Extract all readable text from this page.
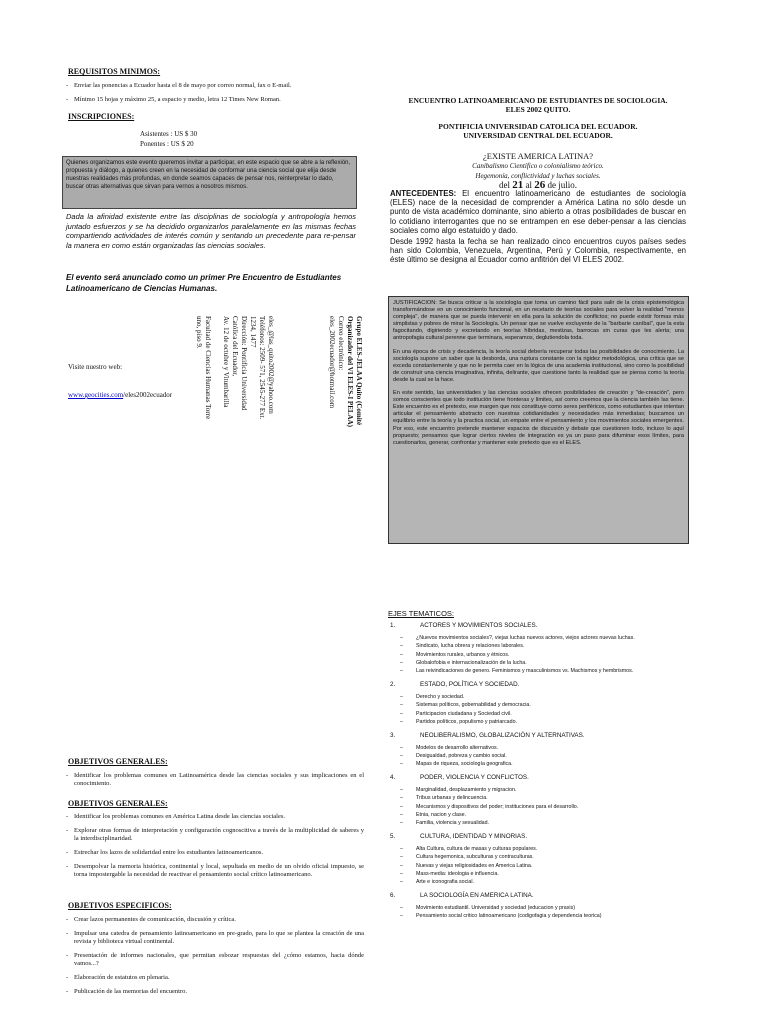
REQUISITOS MINIMOS:
- Enviar las ponencias a Ecuador hasta el 8 de mayo por correo normal, fax o E-mail.
- Mínimo 15 hojas y máximo 25, a espacio y medio, letra 12 Times New Roman.
INSCRIPCIONES:
Asistentes : US $ 30
Ponentes : US $ 20
Quienes organizamos este evento queremos invitar a participar, en este espacio que se abre a la reflexión, propuesta y diálogo, a quienes creen en la necesidad de conformar una ciencia social que elija desde nuestras realidades más profundas, en donde seamos capaces de pensar nos, reinterpretar lo dado, buscar otras alternativas que sirvan para vernos a nosotros mismos.
Dada la afinidad existente entre las disciplinas de sociología y antropología hemos juntado esfuerzos y se ha decidido organizarlos paralelamente en las mismas fechas compartiendo actividades de interés común y sentando un precedente para re-pensar la manera en como están organizadas las ciencias sociales.
El evento será anunciado como un primer Pre Encuentro de Estudiantes Latinoamericano de Ciencias Humanas.
Grupo ELES-JELAA Quito (Comité
Organizador del VI ELES-I PELAA)
Correo electrónico:
eles_2002ecuador@hotmail.com
eles_@las_quito2002@yahoo.com
Teléfonos: 2509- 571, 2545-277 Ext.
1234, 1477
Dirección: Pontificia Universidad
Católica del Ecuador,
Av. 12 de octubre y Vitumbarilla
Facultad de Ciencias Humanas Torre
uno, piso 9.
Visite nuestro web:
www.geocities.com/eles2002ecuador
OBJETIVOS GENERALES:
- Identificar los problemas comunes en Latinoamérica desde las ciencias sociales y sus implicaciones en el conocimiento.
OBJETIVOS GENERALES:
- Identificar los problemas comunes en América Latina desde las ciencias sociales.
- Explorar otras formas de interpretación y configuración cognoscitiva a través de la multiplicidad de saberes y la interdisciplinaridad.
- Estrechar los lazos de solidaridad entre los estudiantes latinoamericanos.
- Desempolvar la memoria histórica, continental y local, sepultada en medio de un olvido oficial impuesto, se torna impostergable la necesidad de reactivar el pensamiento social crítico latinoamericano.
OBJETIVOS ESPECIFICOS:
- Crear lazos permanentes de comunicación, discusión y crítica.
- Impulsar una catedra de pensamiento latinoamericano en pre-grado, para lo que se plantea la creación de una revista y biblioteca virtual continental.
- Presentación de informes nacionales, que permitan esbozar respuestas del ¿cómo estamos, hacia dónde vamos...?
- Elaboración de estatutos en plenaria.
- Publicación de las memorias del encuentro.
ENCUENTRO LATINOAMERICANO DE ESTUDIANTES DE SOCIOLOGIA.
ELES 2002 QUITO.
PONTIFICIA UNIVERSIDAD CATOLICA DEL ECUADOR.
UNIVERSIDAD CENTRAL DEL ECUADOR.
¿EXISTE AMERICA LATINA?
Canibalismo Científico o colonialismo teórico.
Hegemonía, conflictividad y luchas sociales.
del 21 al 26 de julio.

ANTECEDENTES: El encuentro latinoamericano de estudiantes de sociología (ELES) nace de la necesidad de comprender a América Latina no sólo desde un punto de vista académico dominante, sino abierto a otras posibilidades de buscar en lo cotidiano interrogantes que no se entrampen en ese deber-pensar a las ciencias sociales como algo estatuido y dado.

Desde 1992 hasta la fecha se han realizado cinco encuentros cuyos países sedes han sido Colombia, Venezuela, Argentina, Perú y Colombia, respectivamente, en éste último se designa al Ecuador como anfitrión del VI ELES 2002.

JUSTIFICACION: Se busca criticar a la sociología que toma un camino fácil para salir de la crisis epistemológica transformándose en un conocimiento funcional, en un recetario de teorías sociales para volver la realidad "menos compleja", de manera que se pueda intervenir en ella para la solución de conflictos; no puede existir formas más simplistas y pobres de mirar la Sociología. Un pensar que se vuelve excluyente de la "barbarie caníbal", que la esta fagocitando, digiriendo y excretando en teorías híbridas, mestizas, barrocas sin curas que les alerta; una antropofagia cultural perenne que terminara, esperamos, deglutiendola toda.

En una época de crisis y decadencia, la teoría social debería recuperar todas las posibilidades de conocimiento. La sociología supone un saber que la desborda, una ruptura constante con la rigidez metodológica, una crítica que se exceda constantemente y que no le permita caer en la lógica de una academia institucional, sino como la posibilidad de construir una ciencia imaginativa, infinita, delirante, que cuestione tanto la realidad que se piensa como la teoría desde la cual se la hace.

En este sentido, las universidades y las ciencias sociales ofrecen posibilidades de creación y "de-creación", pero somos conscientes que todo institución tiene fronteras y límites, así como creemos que la ciencia también las tiene. Este encuentro es el pretexto, ese margen que nos constituye como seres periféricos, como estudiantes que intentan articular el pensamiento abstracto con nuestras cotidianidades y necesidades más inmediatas; buscamos un equilibrio entre la teoría y la practica social, un empate entre el pensamiento y los movimientos sociales emergentes. Por eso, este encuentro pretende mantener espacios de discusión y debate que cuestionen todo, incluso lo aquí propuesto; pensamos que lograr ciertos niveles de integración es ya un paso para difuminar esos límites, para cuestionarlos, generar, confrontar y mantener este pretexto que es el ELES.

EJES TEMATICOS:
1.	ACTORES Y MOVIMIENTOS SOCIALES.
– ¿Nuevos movimientos sociales?, viejas luchas nuevos actores, viejos actores nuevas luchas.
– Sindicato, lucha obrera y relaciones laborales.
– Movimientos rurales, urbanos y étnicos.
– Globalofobia e internacionalización de la lucha.
– Las reivindicaciones de genero. Feminismos y masculinismos vs. Machismos y hembrismos.
2.	ESTADO, POLÍTICA Y SOCIEDAD.
– Derecho y sociedad.
– Sistemas políticos, gobernabilidad y democracia.
– Participacion ciudadana y Sociedad civil.
– Partidos políticos, populismo y patriarcado.
3.	NEOLIBERALISMO, GLOBALIZACIÓN Y ALTERNATIVAS.
– Modelos de desarrollo alternativos.
– Desigualdad, pobreza y cambio social.
– Mapas de riqueza, sociología geografica.
4.	PODER, VIOLENCIA Y CONFLICTOS.
– Marginalidad, desplazamiento y migracion.
– Tribus urbanas y delincuencia.
– Mecanismos y dispositivos del poder; instituciones para el desarrollo.
– Etnia, nacion y clase.
– Familia, violencia y sexualidad.
5.	CULTURA, IDENTIDAD Y MINORIAS.
– Alta Cultura, cultura de masas y culturas populares.
– Cultura hegemonica, subculturas y contraculturas.
– Nuevas y viejas religiosidades en America Latina.
– Mass-media: ideologia e influencia.
– Arte e iconografia social.
6.	LA SOCIOLOGÍA EN AMERICA LATINA.
– Movimiento estudiantil. Universidad y sociedad (educacion y praxis)
– Pensamiento social critico latinoamericano (codigofagia y dependencia teorica)
